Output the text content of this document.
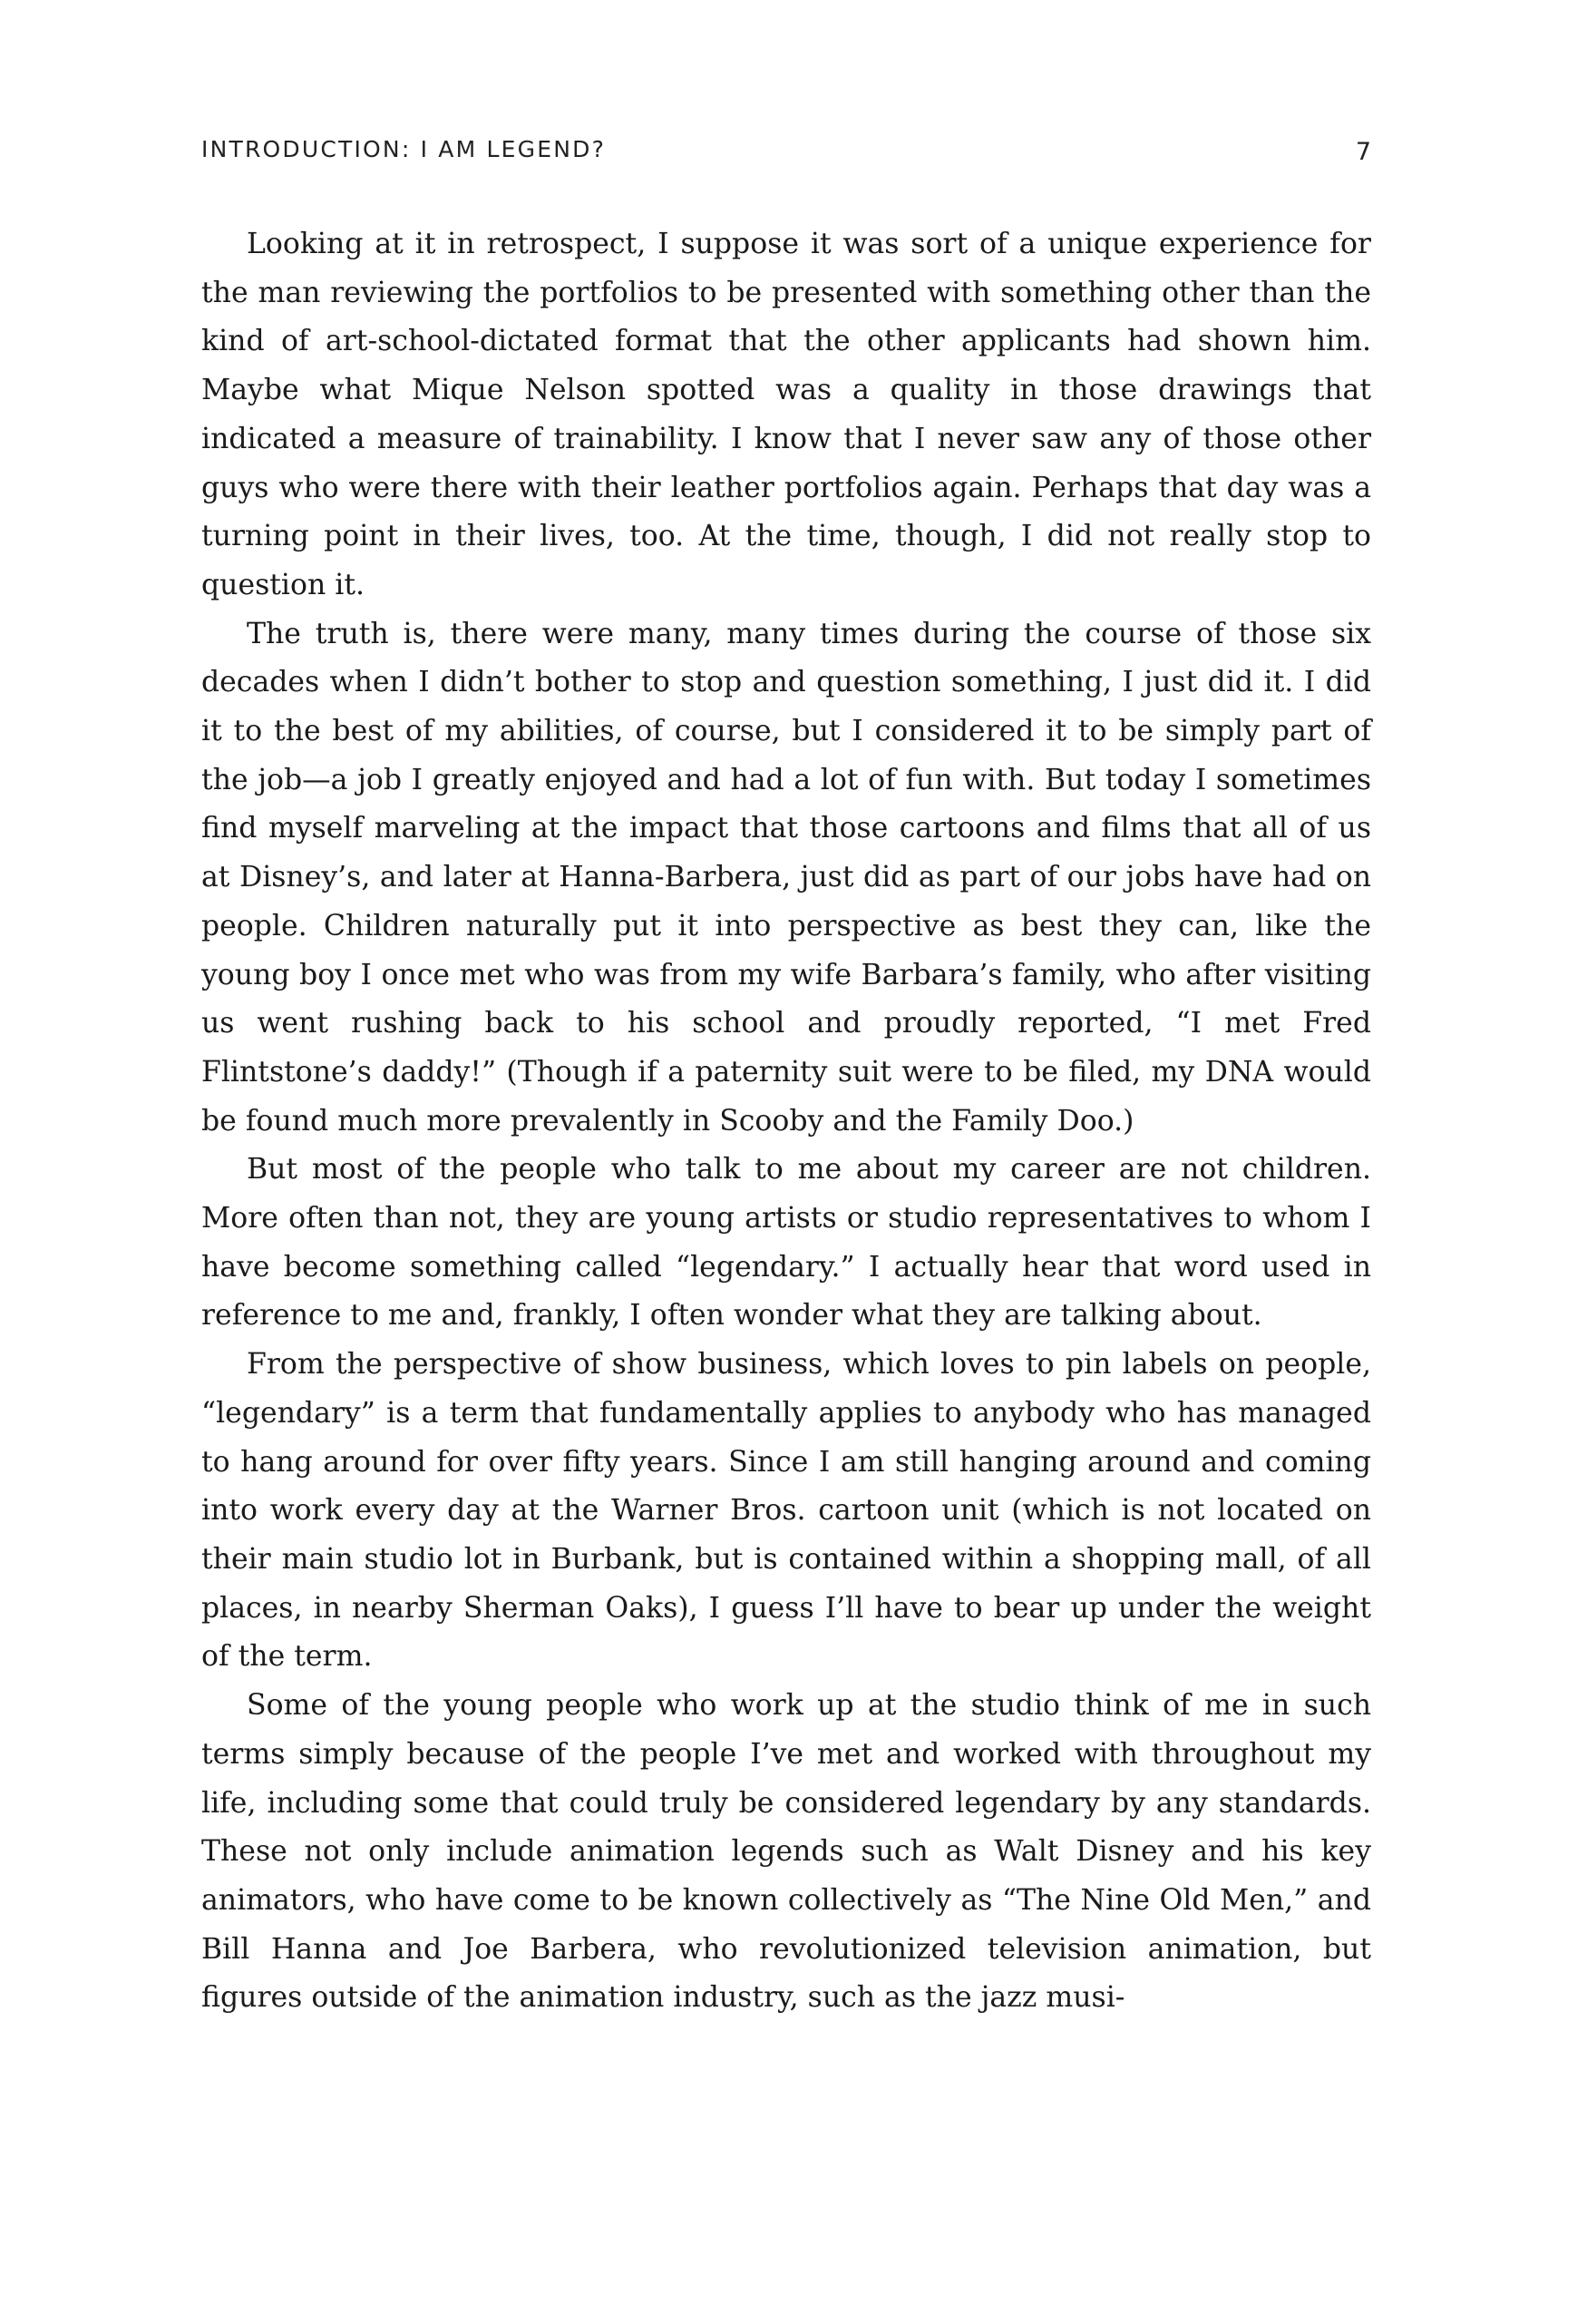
INTRODUCTION: I AM LEGEND?	7

Looking at it in retrospect, I suppose it was sort of a unique experience for the man reviewing the portfolios to be presented with something other than the kind of art-school-dictated format that the other applicants had shown him. Maybe what Mique Nelson spotted was a quality in those drawings that indicated a measure of trainability. I know that I never saw any of those other guys who were there with their leather portfolios again. Perhaps that day was a turning point in their lives, too. At the time, though, I did not really stop to question it.

The truth is, there were many, many times during the course of those six decades when I didn’t bother to stop and question something, I just did it. I did it to the best of my abilities, of course, but I considered it to be simply part of the job—a job I greatly enjoyed and had a lot of fun with. But today I sometimes find myself marveling at the impact that those cartoons and films that all of us at Disney’s, and later at Hanna-Barbera, just did as part of our jobs have had on people. Children naturally put it into perspective as best they can, like the young boy I once met who was from my wife Barbara’s family, who after visiting us went rushing back to his school and proudly reported, “I met Fred Flintstone’s daddy!” (Though if a paternity suit were to be filed, my DNA would be found much more prevalently in Scooby and the Family Doo.)

But most of the people who talk to me about my career are not children. More often than not, they are young artists or studio representatives to whom I have become something called “legendary.” I actually hear that word used in reference to me and, frankly, I often wonder what they are talking about.

From the perspective of show business, which loves to pin labels on people, “legendary” is a term that fundamentally applies to anybody who has managed to hang around for over fifty years. Since I am still hanging around and coming into work every day at the Warner Bros. cartoon unit (which is not located on their main studio lot in Burbank, but is contained within a shopping mall, of all places, in nearby Sherman Oaks), I guess I’ll have to bear up under the weight of the term.

Some of the young people who work up at the studio think of me in such terms simply because of the people I’ve met and worked with throughout my life, including some that could truly be considered legendary by any standards. These not only include animation legends such as Walt Disney and his key animators, who have come to be known collectively as “The Nine Old Men,” and Bill Hanna and Joe Barbera, who revolutionized television animation, but figures outside of the animation industry, such as the jazz musi-
